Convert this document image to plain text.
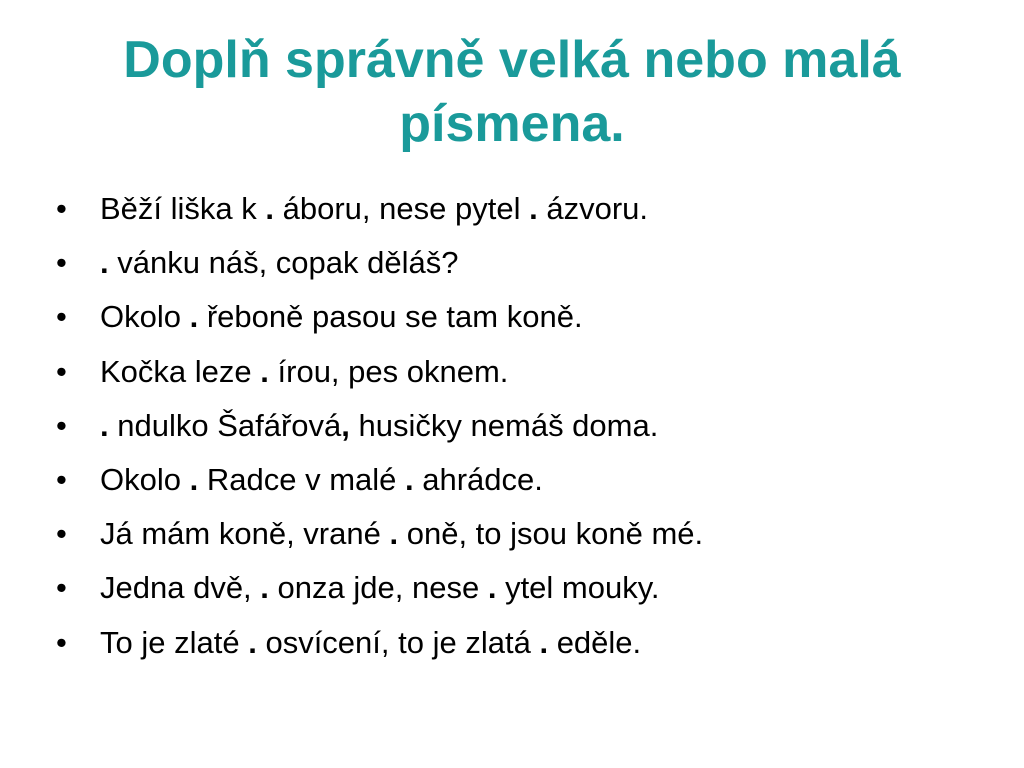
Doplň správně velká nebo malá
písmena.
• Běží liška k . áboru, nese pytel . ázvoru.
• . vánku náš, copak děláš?
• Okolo . řeboně pasou se tam koně.
• Kočka leze . írou, pes oknem.
• . ndulko Šafářová, husičky nemáš doma.
• Okolo . Radce v malé . ahrádce.
• Já mám koně, vrané . oně, to jsou koně mé.
• Jedna dvě, . onza jde, nese . ytel mouky.
• To je zlaté . osvícení, to je zlatá . eděle.
